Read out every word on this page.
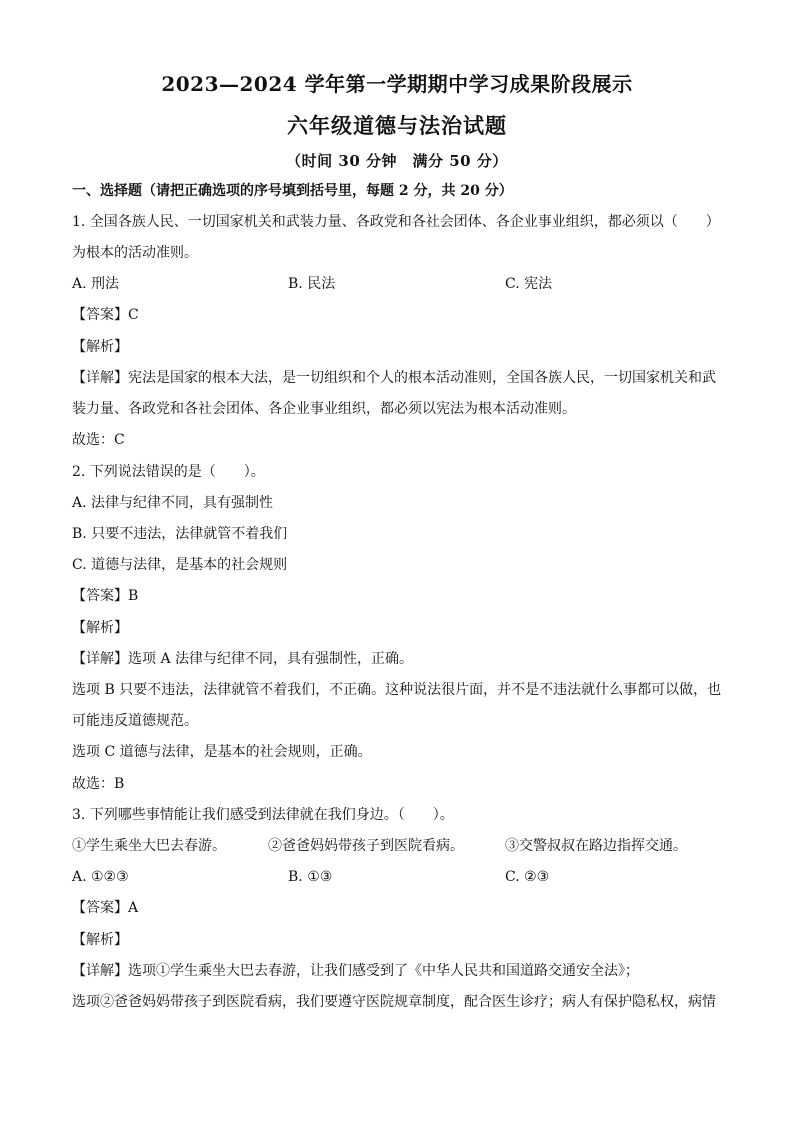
2023—2024 学年第一学期期中学习成果阶段展示
六年级道德与法治试题
（时间 30 分钟　满分 50 分）
一、选择题（请把正确选项的序号填到括号里，每题 2 分，共 20 分）
1. 全国各族人民、一切国家机关和武装力量、各政党和各社会团体、各企业事业组织，都必须以（　　）
为根本的活动准则。
A. 刑法	B. 民法	C. 宪法
【答案】C
【解析】
【详解】宪法是国家的根本大法，是一切组织和个人的根本活动准则，全国各族人民，一切国家机关和武
装力量、各政党和各社会团体、各企业事业组织，都必须以宪法为根本活动准则。
故选：C
2. 下列说法错误的是（　　）。
A. 法律与纪律不同，具有强制性
B. 只要不违法，法律就管不着我们
C. 道德与法律，是基本的社会规则
【答案】B
【解析】
【详解】选项 A 法律与纪律不同，具有强制性，正确。
选项 B 只要不违法，法律就管不着我们，不正确。这种说法很片面，并不是不违法就什么事都可以做，也
可能违反道德规范。
选项 C 道德与法律，是基本的社会规则，正确。
故选：B
3. 下列哪些事情能让我们感受到法律就在我们身边。（　　）。
①学生乘坐大巴去春游。	②爸爸妈妈带孩子到医院看病。	③交警叔叔在路边指挥交通。
A. ①②③	B. ①③	C. ②③
【答案】A
【解析】
【详解】选项①学生乘坐大巴去春游，让我们感受到了《中华人民共和国道路交通安全法》；
选项②爸爸妈妈带孩子到医院看病，我们要遵守医院规章制度，配合医生诊疗；病人有保护隐私权，病情
